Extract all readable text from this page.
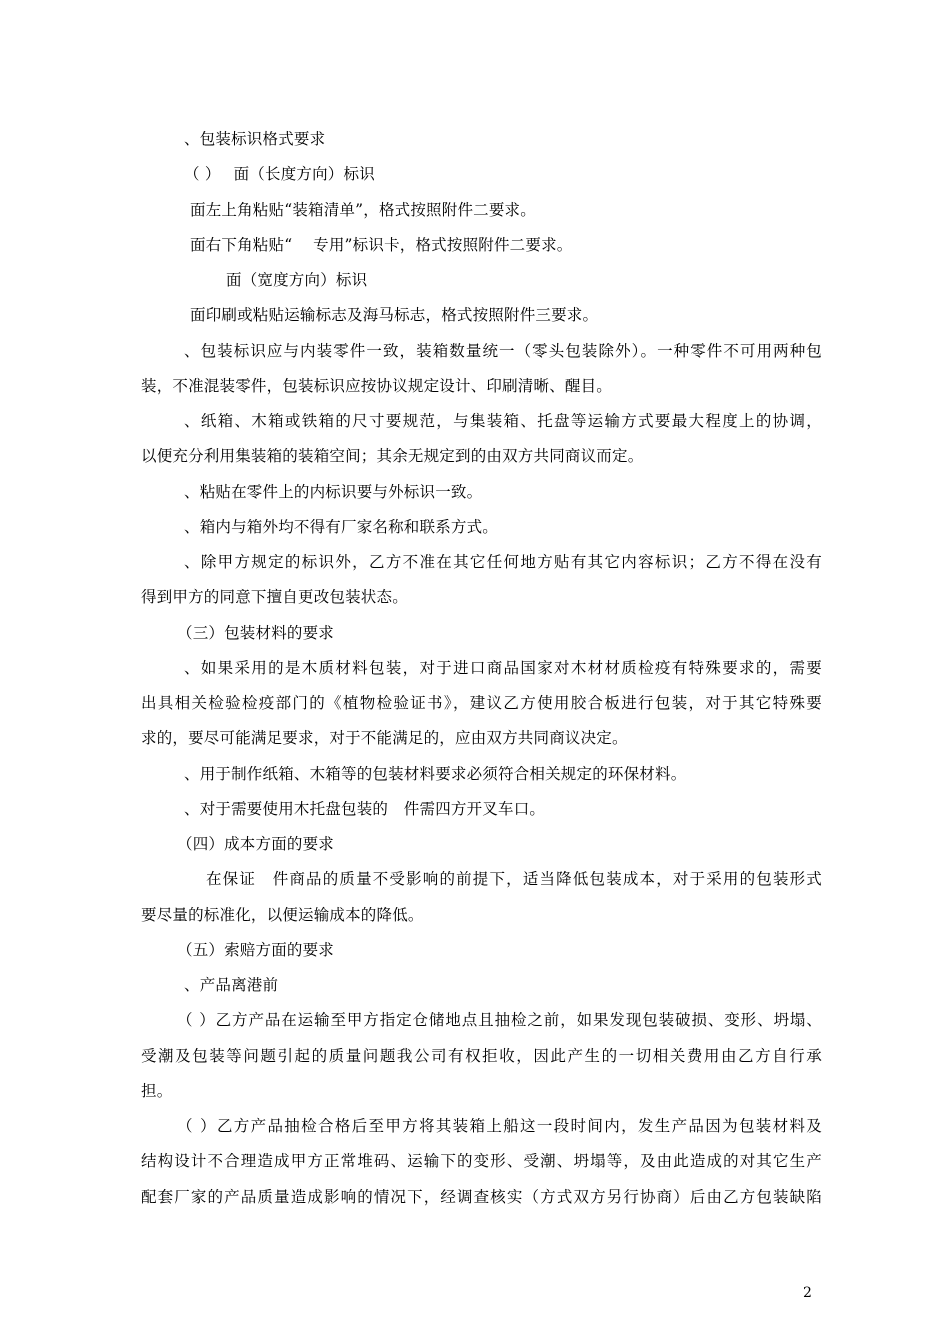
、包装标识格式要求
（ ）　 面（长度方向）标识
面左上角粘贴“装箱清单”，格式按照附件二要求。
面右下角粘贴“　 专用”标识卡，格式按照附件二要求。
面（宽度方向）标识
面印刷或粘贴运输标志及海马标志，格式按照附件三要求。
、包装标识应与内装零件一致，装箱数量统一（零头包装除外）。一种零件不可用两种包
装，不准混装零件，包装标识应按协议规定设计、印刷清晰、醒目。
、纸箱、木箱或铁箱的尺寸要规范，与集装箱、托盘等运输方式要最大程度上的协调，
以便充分利用集装箱的装箱空间；其余无规定到的由双方共同商议而定。
、粘贴在零件上的内标识要与外标识一致。
、箱内与箱外均不得有厂家名称和联系方式。
、除甲方规定的标识外，乙方不准在其它任何地方贴有其它内容标识；乙方不得在没有
得到甲方的同意下擅自更改包装状态。
（三）包装材料的要求
、如果采用的是木质材料包装，对于进口商品国家对木材材质检疫有特殊要求的，需要
出具相关检验检疫部门的《植物检验证书》，建议乙方使用胶合板进行包装，对于其它特殊要
求的，要尽可能满足要求，对于不能满足的，应由双方共同商议决定。
、用于制作纸箱、木箱等的包装材料要求必须符合相关规定的环保材料。
、对于需要使用木托盘包装的　件需四方开叉车口。
（四）成本方面的要求
在保证　件商品的质量不受影响的前提下，适当降低包装成本，对于采用的包装形式
要尽量的标准化，以便运输成本的降低。
（五）索赔方面的要求
、产品离港前
（ ）乙方产品在运输至甲方指定仓储地点且抽检之前，如果发现包装破损、变形、坍塌、
受潮及包装等问题引起的质量问题我公司有权拒收，因此产生的一切相关费用由乙方自行承
担。
（ ）乙方产品抽检合格后至甲方将其装箱上船这一段时间内，发生产品因为包装材料及
结构设计不合理造成甲方正常堆码、运输下的变形、受潮、坍塌等，及由此造成的对其它生产
配套厂家的产品质量造成影响的情况下，经调查核实（方式双方另行协商）后由乙方包装缺陷
2
